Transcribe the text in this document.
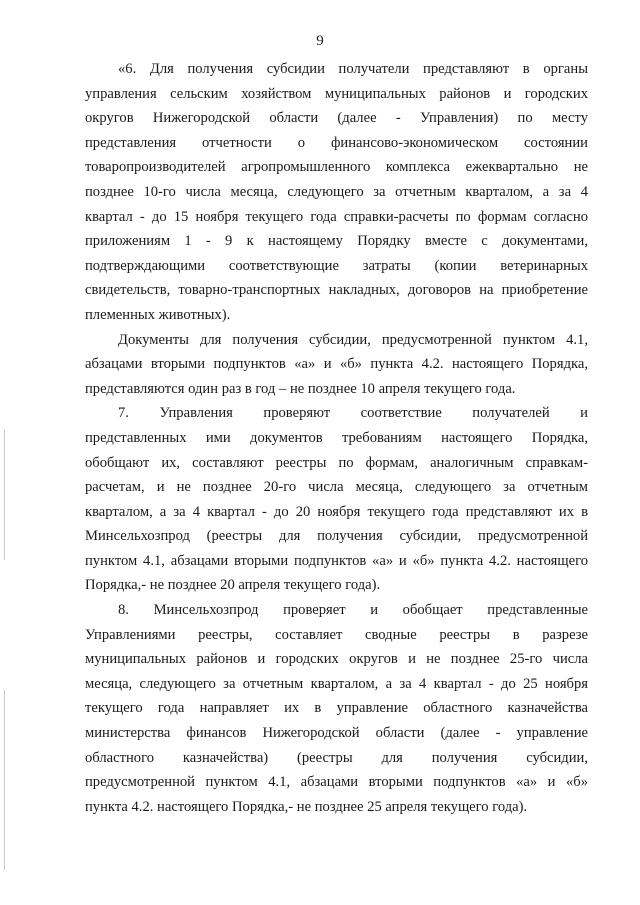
9
«6. Для получения субсидии получатели представляют в органы
управления сельским хозяйством муниципальных районов и городских
округов Нижегородской области (далее - Управления) по месту
представления отчетности о финансово-экономическом состоянии
товаропроизводителей агропромышленного комплекса ежеквартально не
позднее 10-го числа месяца, следующего за отчетным кварталом, а за 4
квартал - до 15 ноября текущего года справки-расчеты по формам согласно
приложениям 1 - 9 к настоящему Порядку вместе с документами,
подтверждающими соответствующие затраты (копии ветеринарных
свидетельств, товарно-транспортных накладных, договоров на приобретение
племенных животных).
Документы для получения субсидии, предусмотренной пунктом 4.1,
абзацами вторыми подпунктов «а» и «б» пункта 4.2. настоящего Порядка,
представляются один раз в год – не позднее 10 апреля текущего года.
7. Управления проверяют соответствие получателей и
представленных ими документов требованиям настоящего Порядка,
обобщают их, составляют реестры по формам, аналогичным справкам-
расчетам, и не позднее 20-го числа месяца, следующего за отчетным
кварталом, а за 4 квартал - до 20 ноября текущего года представляют их в
Минсельхозпрод (реестры для получения субсидии, предусмотренной
пунктом 4.1, абзацами вторыми подпунктов «а» и «б» пункта 4.2. настоящего
Порядка,- не позднее 20 апреля текущего года).
8. Минсельхозпрод проверяет и обобщает представленные
Управлениями реестры, составляет сводные реестры в разрезе
муниципальных районов и городских округов и не позднее 25-го числа
месяца, следующего за отчетным кварталом, а за 4 квартал - до 25 ноября
текущего года направляет их в управление областного казначейства
министерства финансов Нижегородской области (далее - управление
областного казначейства) (реестры для получения субсидии,
предусмотренной пунктом 4.1, абзацами вторыми подпунктов «а» и «б»
пункта 4.2. настоящего Порядка,- не позднее 25 апреля текущего года).
